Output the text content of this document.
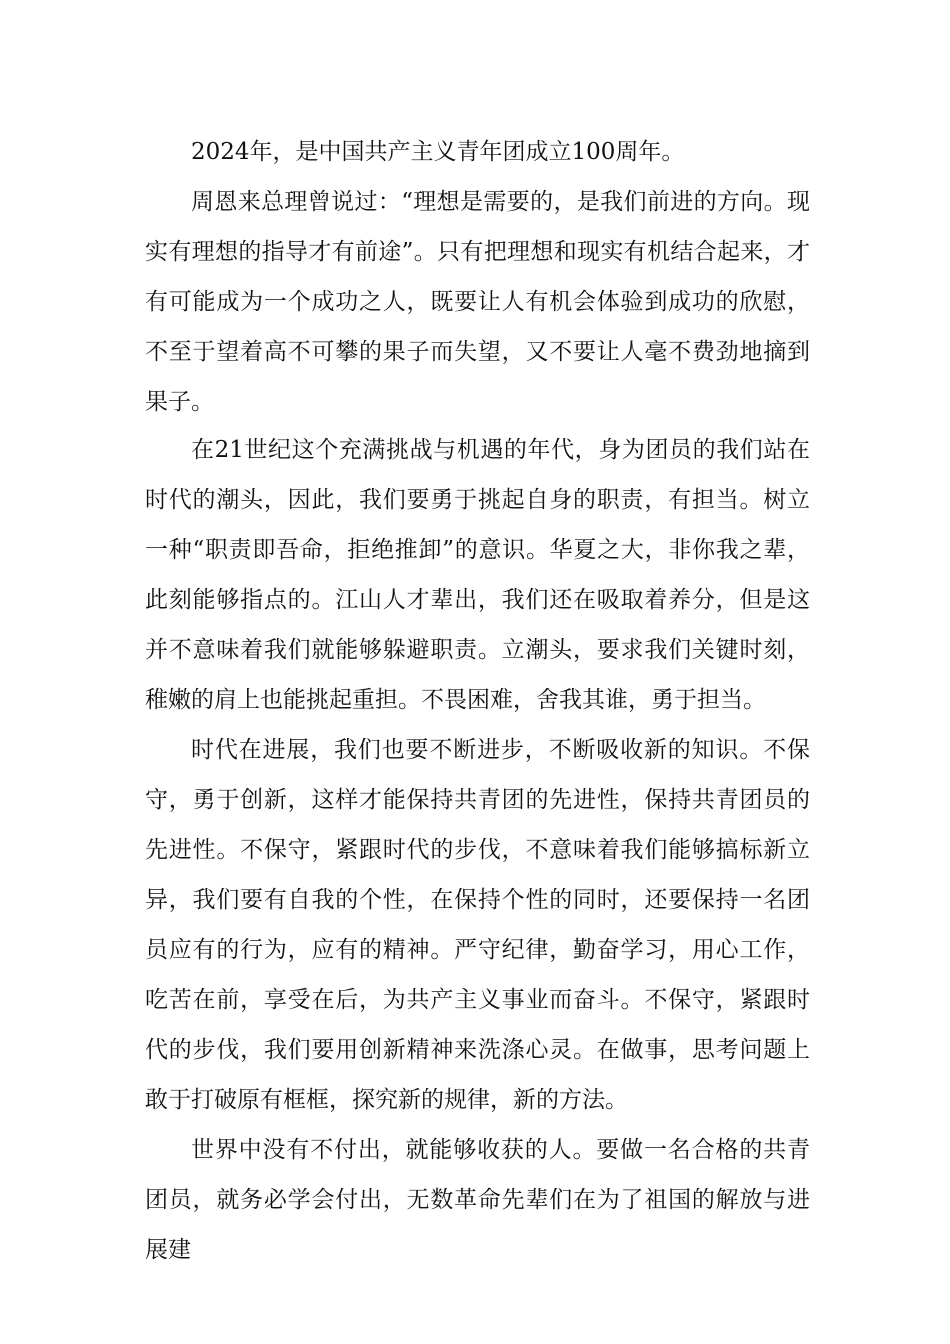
2024年，是中国共产主义青年团成立100周年。

周恩来总理曾说过：“理想是需要的，是我们前进的方向。现实有理想的指导才有前途”。只有把理想和现实有机结合起来，才有可能成为一个成功之人，既要让人有机会体验到成功的欣慰，不至于望着高不可攀的果子而失望，又不要让人毫不费劲地摘到果子。

在21世纪这个充满挑战与机遇的年代，身为团员的我们站在时代的潮头，因此，我们要勇于挑起自身的职责，有担当。树立一种“职责即吾命，拒绝推卸”的意识。华夏之大，非你我之辈，此刻能够指点的。江山人才辈出，我们还在吸取着养分，但是这并不意味着我们就能够躲避职责。立潮头，要求我们关键时刻，稚嫩的肩上也能挑起重担。不畏困难，舍我其谁，勇于担当。

时代在进展，我们也要不断进步，不断吸收新的知识。不保守，勇于创新，这样才能保持共青团的先进性，保持共青团员的先进性。不保守，紧跟时代的步伐，不意味着我们能够搞标新立异，我们要有自我的个性，在保持个性的同时，还要保持一名团员应有的行为，应有的精神。严守纪律，勤奋学习，用心工作，吃苦在前，享受在后，为共产主义事业而奋斗。不保守，紧跟时代的步伐，我们要用创新精神来洗涤心灵。在做事，思考问题上敢于打破原有框框，探究新的规律，新的方法。

世界中没有不付出，就能够收获的人。要做一名合格的共青团员，就务必学会付出，无数革命先辈们在为了祖国的解放与进展建
